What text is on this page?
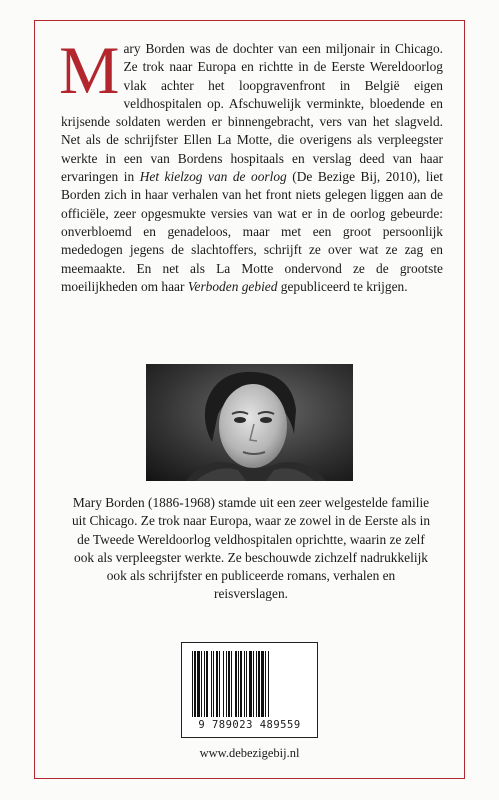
Mary Borden was de dochter van een miljonair in Chicago. Ze trok naar Europa en richtte in de Eerste Wereldoorlog vlak achter het loopgravenfront in België eigen veldhospitalen op. Afschuwelijk verminkte, bloedende en krijsende soldaten werden er binnengebracht, vers van het slagveld. Net als de schrijfster Ellen La Motte, die overigens als verpleegster werkte in een van Bordens hospitaals en verslag deed van haar ervaringen in Het kielzog van de oorlog (De Bezige Bij, 2010), liet Borden zich in haar verhalen van het front niets gelegen liggen aan de officiële, zeer opgesmukte versies van wat er in de oorlog gebeurde: onverbloemd en genadeloos, maar met een groot persoonlijk mededogen jegens de slachtoffers, schrijft ze over wat ze zag en meemaakte. En net als La Motte ondervond ze de grootste moeilijkheden om haar Verboden gebied gepubliceerd te krijgen.

Mary Borden (1886-1968) stamde uit een zeer welgestelde familie uit Chicago. Ze trok naar Europa, waar ze zowel in de Eerste als in de Tweede Wereldoorlog veldhospitalen oprichtte, waarin ze zelf ook als verpleegster werkte. Ze beschouwde zichzelf nadrukkelijk ook als schrijfster en publiceerde romans, verhalen en reisverslagen.

9 789023 489559
www.debezigebij.nl
